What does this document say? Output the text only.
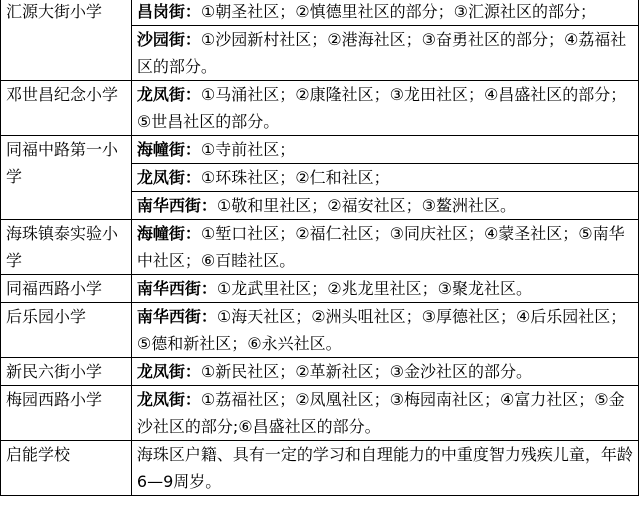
汇源大街小学	昌岗街：①朝圣社区；②慎德里社区的部分；③汇源社区的部分；
	沙园街：①沙园新村社区；②港海社区；③奋勇社区的部分；④荔福社区的部分。
邓世昌纪念小学	龙凤街：①马涌社区；②康隆社区；③龙田社区；④昌盛社区的部分；⑤世昌社区的部分。
同福中路第一小学	海幢街：①寺前社区；
	龙凤街：①环珠社区；②仁和社区；
	南华西街：①敬和里社区；②福安社区；③鳌洲社区。
海珠镇泰实验小学	海幢街：①堑口社区；②福仁社区；③同庆社区；④蒙圣社区；⑤南华中社区；⑥百睦社区。
同福西路小学	南华西街：①龙武里社区；②兆龙里社区；③聚龙社区。
后乐园小学	南华西街：①海天社区；②洲头咀社区；③厚德社区；④后乐园社区；⑤德和新社区；⑥永兴社区。
新民六街小学	龙凤街：①新民社区；②革新社区；③金沙社区的部分。
梅园西路小学	龙凤街：①荔福社区；②凤凰社区；③梅园南社区；④富力社区；⑤金沙社区的部分;⑥昌盛社区的部分。
启能学校	海珠区户籍、具有一定的学习和自理能力的中重度智力残疾儿童，年龄6—9周岁。
